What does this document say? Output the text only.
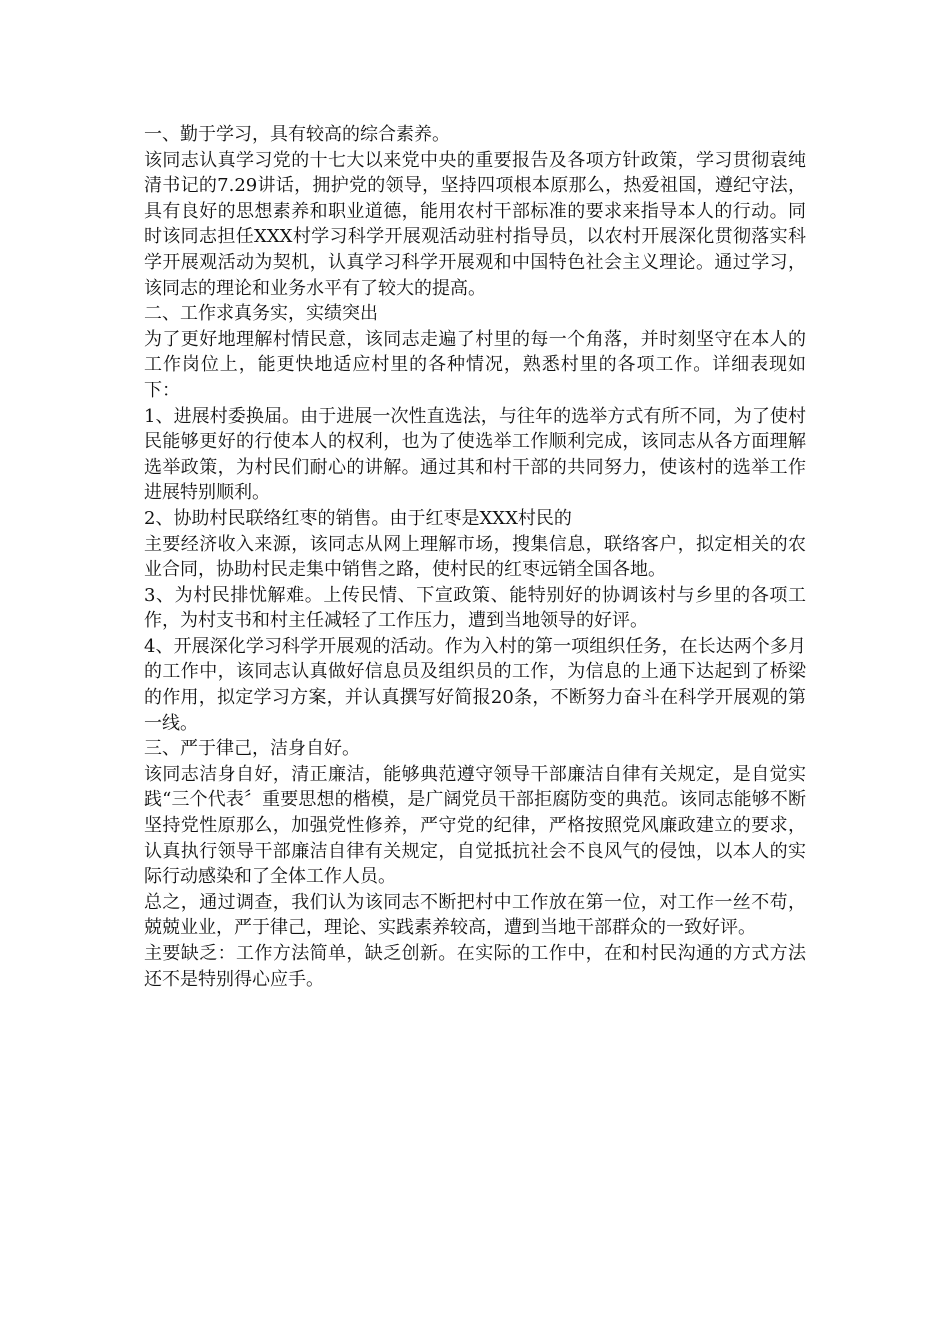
一、勤于学习，具有较高的综合素养。

该同志认真学习党的十七大以来党中央的重要报告及各项方针政策，学习贯彻袁纯清书记的7.29讲话，拥护党的领导，坚持四项根本原那么，热爱祖国，遵纪守法，具有良好的思想素养和职业道德，能用农村干部标准的要求来指导本人的行动。同时该同志担任XXX村学习科学开展观活动驻村指导员，以农村开展深化贯彻落实科学开展观活动为契机，认真学习科学开展观和中国特色社会主义理论。通过学习，该同志的理论和业务水平有了较大的提高。

二、工作求真务实，实绩突出

为了更好地理解村情民意，该同志走遍了村里的每一个角落，并时刻坚守在本人的工作岗位上，能更快地适应村里的各种情况，熟悉村里的各项工作。详细表现如下：

1、进展村委换届。由于进展一次性直选法，与往年的选举方式有所不同，为了使村民能够更好的行使本人的权利，也为了使选举工作顺利完成，该同志从各方面理解选举政策，为村民们耐心的讲解。通过其和村干部的共同努力，使该村的选举工作进展特别顺利。

2、协助村民联络红枣的销售。由于红枣是XXX村民的

主要经济收入来源，该同志从网上理解市场，搜集信息，联络客户，拟定相关的农业合同，协助村民走集中销售之路，使村民的红枣远销全国各地。

3、为村民排忧解难。上传民情、下宣政策、能特别好的协调该村与乡里的各项工作，为村支书和村主任减轻了工作压力，遭到当地领导的好评。

4、开展深化学习科学开展观的活动。作为入村的第一项组织任务，在长达两个多月的工作中，该同志认真做好信息员及组织员的工作，为信息的上通下达起到了桥梁的作用，拟定学习方案，并认真撰写好简报20条，不断努力奋斗在科学开展观的第一线。

三、严于律己，洁身自好。

该同志洁身自好，清正廉洁，能够典范遵守领导干部廉洁自律有关规定，是自觉实践“三个代表〞重要思想的楷模，是广阔党员干部拒腐防变的典范。该同志能够不断坚持党性原那么，加强党性修养，严守党的纪律，严格按照党风廉政建立的要求，认真执行领导干部廉洁自律有关规定，自觉抵抗社会不良风气的侵蚀，以本人的实际行动感染和了全体工作人员。

总之，通过调查，我们认为该同志不断把村中工作放在第一位，对工作一丝不苟，兢兢业业，严于律己，理论、实践素养较高，遭到当地干部群众的一致好评。

主要缺乏：工作方法简单，缺乏创新。在实际的工作中，在和村民沟通的方式方法还不是特别得心应手。
